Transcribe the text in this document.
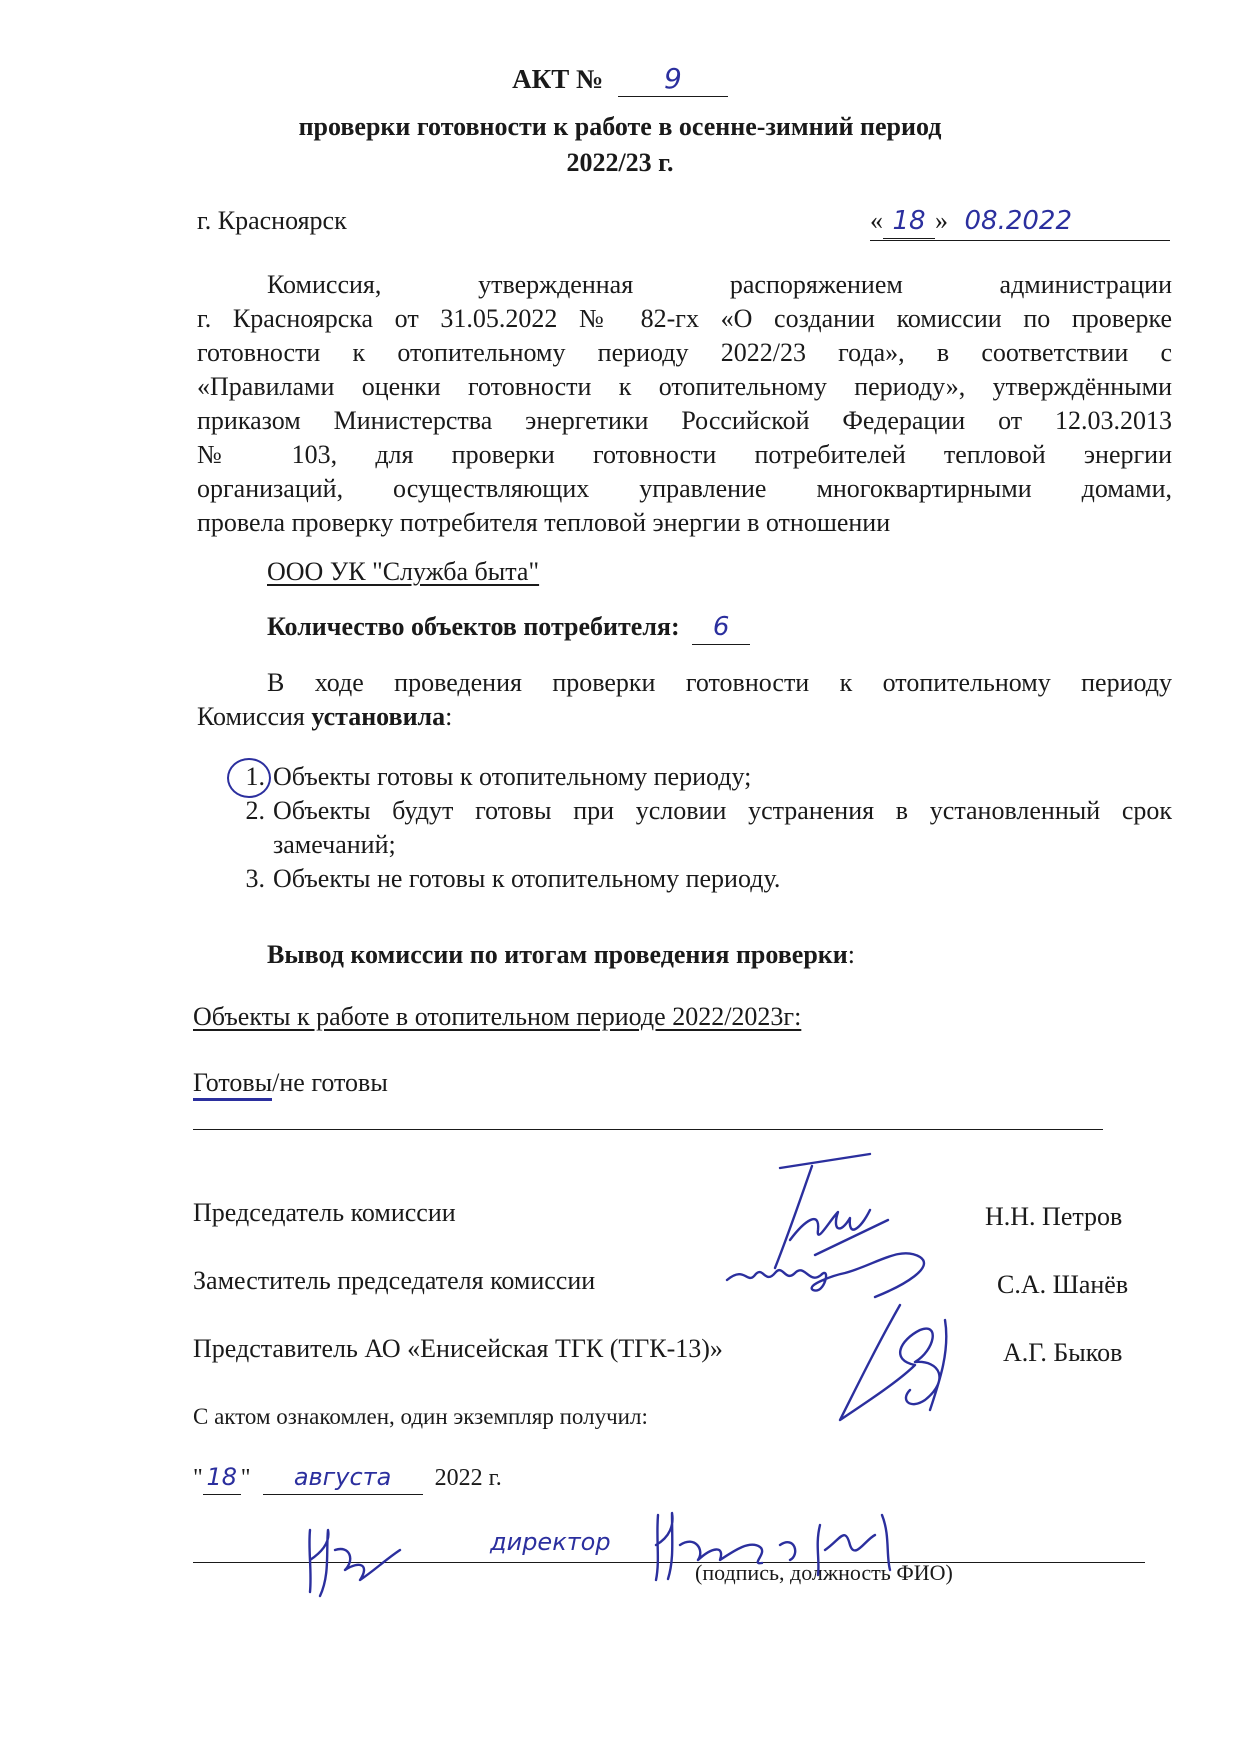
АКТ № 9
проверки готовности к работе в осенне-зимний период
2022/23 г.
г. Красноярск	« 18 » 08.2022
Комиссия, утвержденная распоряжением администрации
г. Красноярска от 31.05.2022 № 82-гх «О создании комиссии по проверке
готовности к отопительному периоду 2022/23 года», в соответствии с
«Правилами оценки готовности к отопительному периоду», утверждёнными
приказом Министерства энергетики Российской Федерации от 12.03.2013
№ 103, для проверки готовности потребителей тепловой энергии
организаций, осуществляющих управление многоквартирными домами,
провела проверку потребителя тепловой энергии в отношении
ООО УК "Служба быта"
Количество объектов потребителя: 6
В ходе проведения проверки готовности к отопительному периоду
Комиссия установила:
1. Объекты готовы к отопительному периоду;
2. Объекты будут готовы при условии устранения в установленный срок
замечаний;
3. Объекты не готовы к отопительному периоду.
Вывод комиссии по итогам проведения проверки:
Объекты к работе в отопительном периоде 2022/2023г:
Готовы/не готовы
Председатель комиссии	Н.Н. Петров
Заместитель председателя комиссии	С.А. Шанёв
Представитель АО «Енисейская ТГК (ТГК-13)»	А.Г. Быков
С актом ознакомлен, один экземпляр получил:
" 18 " августа 2022 г.
директор
(подпись, должность ФИО)
